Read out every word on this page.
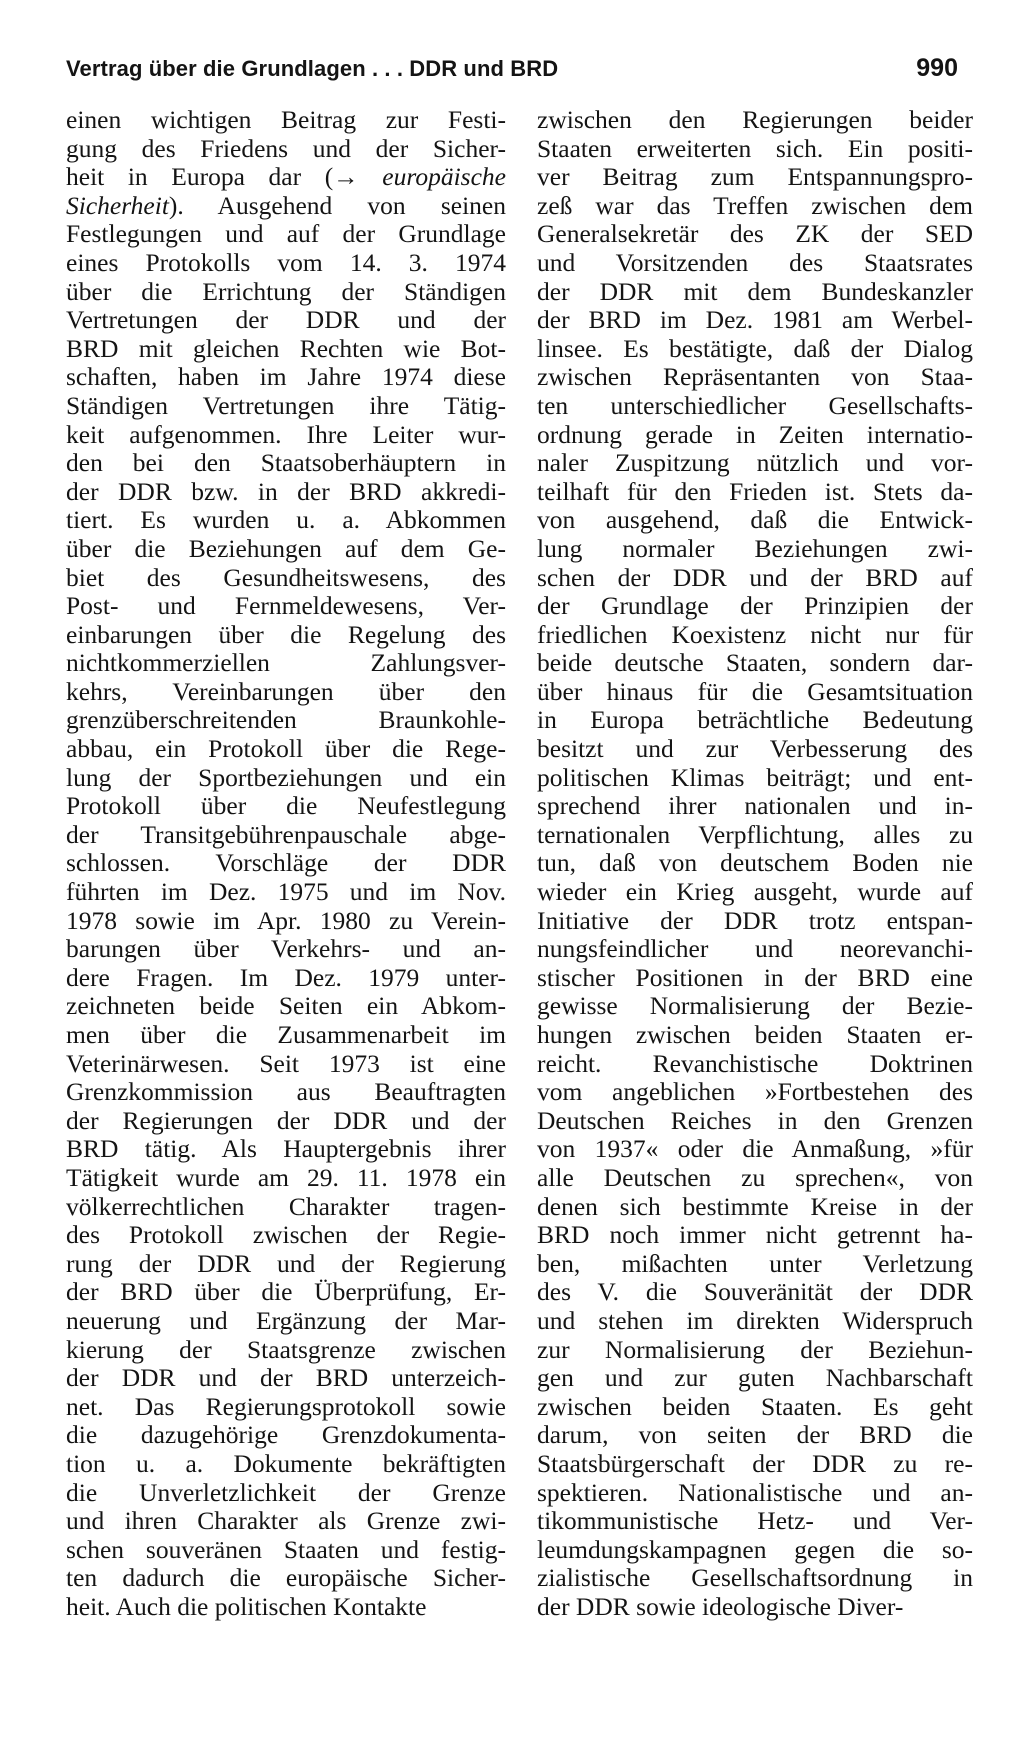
Vertrag über die Grundlagen . . . DDR und BRD	990
einen wichtigen Beitrag zur Festi-
gung des Friedens und der Sicher-
heit in Europa dar (→ europäische
Sicherheit). Ausgehend von seinen
Festlegungen und auf der Grundlage
eines Protokolls vom 14. 3. 1974
über die Errichtung der Ständigen
Vertretungen der DDR und der
BRD mit gleichen Rechten wie Bot-
schaften, haben im Jahre 1974 diese
Ständigen Vertretungen ihre Tätig-
keit aufgenommen. Ihre Leiter wur-
den bei den Staatsoberhäuptern in
der DDR bzw. in der BRD akkredi-
tiert. Es wurden u. a. Abkommen
über die Beziehungen auf dem Ge-
biet des Gesundheitswesens, des
Post- und Fernmeldewesens, Ver-
einbarungen über die Regelung des
nichtkommerziellen Zahlungsver-
kehrs, Vereinbarungen über den
grenzüberschreitenden Braunkohle-
abbau, ein Protokoll über die Rege-
lung der Sportbeziehungen und ein
Protokoll über die Neufestlegung
der Transitgebührenpauschale abge-
schlossen. Vorschläge der DDR
führten im Dez. 1975 und im Nov.
1978 sowie im Apr. 1980 zu Verein-
barungen über Verkehrs- und an-
dere Fragen. Im Dez. 1979 unter-
zeichneten beide Seiten ein Abkom-
men über die Zusammenarbeit im
Veterinärwesen. Seit 1973 ist eine
Grenzkommission aus Beauftragten
der Regierungen der DDR und der
BRD tätig. Als Hauptergebnis ihrer
Tätigkeit wurde am 29. 11. 1978 ein
völkerrechtlichen Charakter tragen-
des Protokoll zwischen der Regie-
rung der DDR und der Regierung
der BRD über die Überprüfung, Er-
neuerung und Ergänzung der Mar-
kierung der Staatsgrenze zwischen
der DDR und der BRD unterzeich-
net. Das Regierungsprotokoll sowie
die dazugehörige Grenzdokumenta-
tion u. a. Dokumente bekräftigten
die Unverletzlichkeit der Grenze
und ihren Charakter als Grenze zwi-
schen souveränen Staaten und festig-
ten dadurch die europäische Sicher-
heit. Auch die politischen Kontakte
zwischen den Regierungen beider
Staaten erweiterten sich. Ein positi-
ver Beitrag zum Entspannungspro-
zeß war das Treffen zwischen dem
Generalsekretär des ZK der SED
und Vorsitzenden des Staatsrates
der DDR mit dem Bundeskanzler
der BRD im Dez. 1981 am Werbel-
linsee. Es bestätigte, daß der Dialog
zwischen Repräsentanten von Staa-
ten unterschiedlicher Gesellschafts-
ordnung gerade in Zeiten internatio-
naler Zuspitzung nützlich und vor-
teilhaft für den Frieden ist. Stets da-
von ausgehend, daß die Entwick-
lung normaler Beziehungen zwi-
schen der DDR und der BRD auf
der Grundlage der Prinzipien der
friedlichen Koexistenz nicht nur für
beide deutsche Staaten, sondern dar-
über hinaus für die Gesamtsituation
in Europa beträchtliche Bedeutung
besitzt und zur Verbesserung des
politischen Klimas beiträgt; und ent-
sprechend ihrer nationalen und in-
ternationalen Verpflichtung, alles zu
tun, daß von deutschem Boden nie
wieder ein Krieg ausgeht, wurde auf
Initiative der DDR trotz entspan-
nungsfeindlicher und neorevanchi-
stischer Positionen in der BRD eine
gewisse Normalisierung der Bezie-
hungen zwischen beiden Staaten er-
reicht. Revanchistische Doktrinen
vom angeblichen »Fortbestehen des
Deutschen Reiches in den Grenzen
von 1937« oder die Anmaßung, »für
alle Deutschen zu sprechen«, von
denen sich bestimmte Kreise in der
BRD noch immer nicht getrennt ha-
ben, mißachten unter Verletzung
des V. die Souveränität der DDR
und stehen im direkten Widerspruch
zur Normalisierung der Beziehun-
gen und zur guten Nachbarschaft
zwischen beiden Staaten. Es geht
darum, von seiten der BRD die
Staatsbürgerschaft der DDR zu re-
spektieren. Nationalistische und an-
tikommunistische Hetz- und Ver-
leumdungskampagnen gegen die so-
zialistische Gesellschaftsordnung in
der DDR sowie ideologische Diver-
